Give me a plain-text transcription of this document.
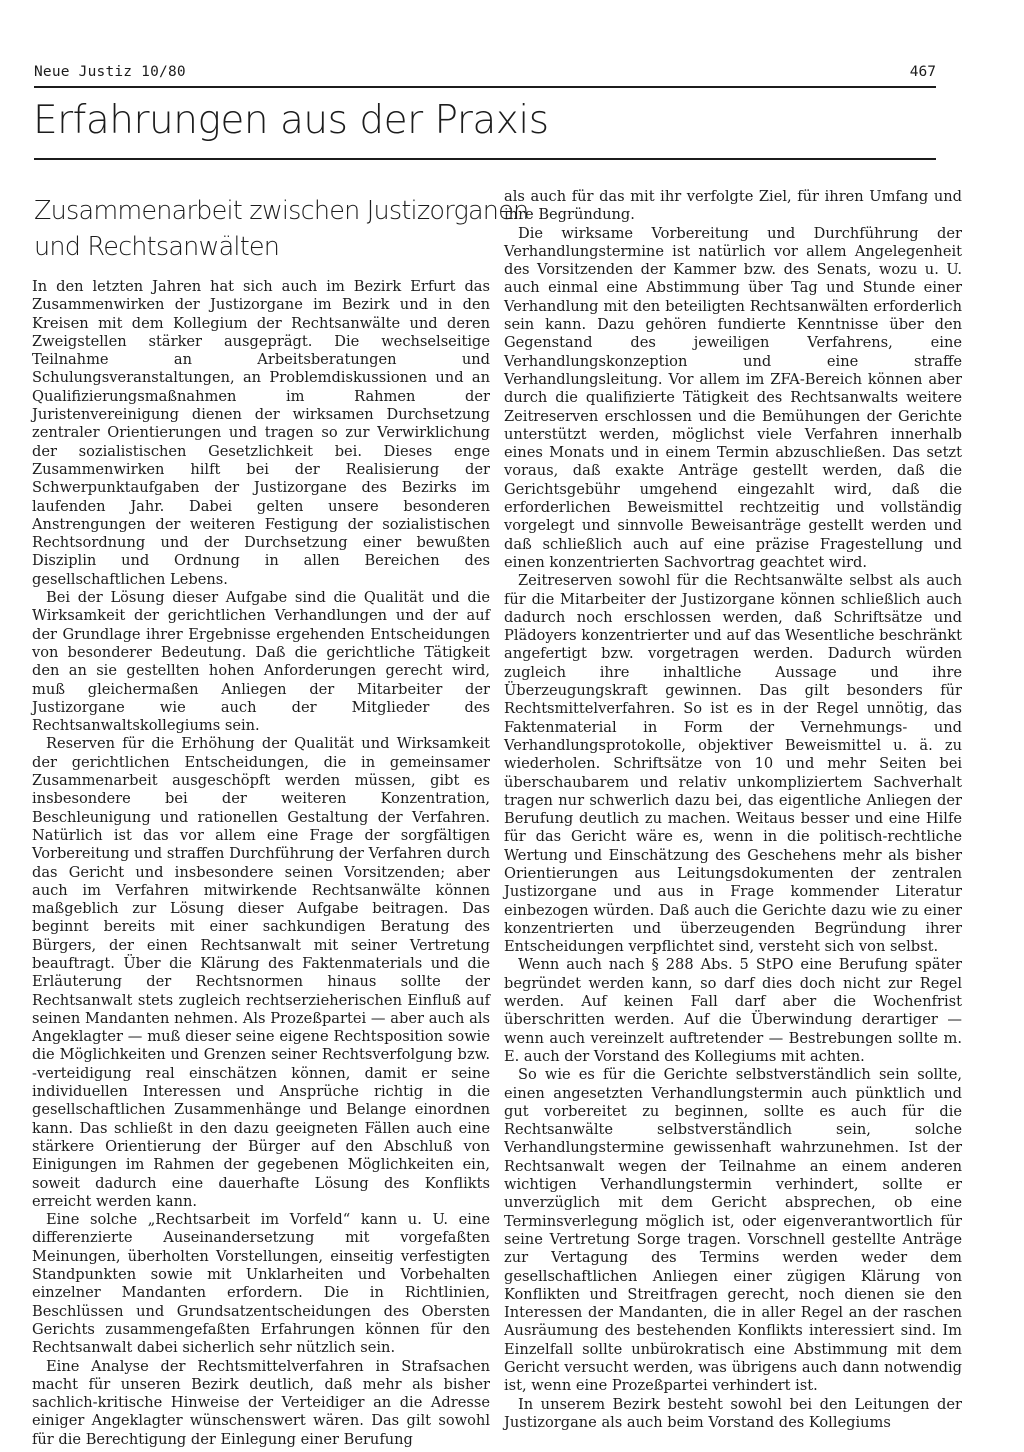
Neue Justiz 10/80	467
Erfahrungen aus der Praxis
Zusammenarbeit zwischen Justizorganen
und Rechtsanwälten

In den letzten Jahren hat sich auch im Bezirk Erfurt das Zusammenwirken der Justizorgane im Bezirk und in den Kreisen mit dem Kollegium der Rechtsanwälte und deren Zweigstellen stärker ausgeprägt. Die wechselseitige Teilnahme an Arbeitsberatungen und Schulungsveranstaltungen, an Problemdiskussionen und an Qualifizierungsmaßnahmen im Rahmen der Juristenvereinigung dienen der wirksamen Durchsetzung zentraler Orientierungen und tragen so zur Verwirklichung der sozialistischen Gesetzlichkeit bei. Dieses enge Zusammenwirken hilft bei der Realisierung der Schwerpunktaufgaben der Justizorgane des Bezirks im laufenden Jahr. Dabei gelten unsere besonderen Anstrengungen der weiteren Festigung der sozialistischen Rechtsordnung und der Durchsetzung einer bewußten Disziplin und Ordnung in allen Bereichen des gesellschaftlichen Lebens.

Bei der Lösung dieser Aufgabe sind die Qualität und die Wirksamkeit der gerichtlichen Verhandlungen und der auf der Grundlage ihrer Ergebnisse ergehenden Entscheidungen von besonderer Bedeutung. Daß die gerichtliche Tätigkeit den an sie gestellten hohen Anforderungen gerecht wird, muß gleichermaßen Anliegen der Mitarbeiter der Justizorgane wie auch der Mitglieder des Rechtsanwaltskollegiums sein.

Reserven für die Erhöhung der Qualität und Wirksamkeit der gerichtlichen Entscheidungen, die in gemeinsamer Zusammenarbeit ausgeschöpft werden müssen, gibt es insbesondere bei der weiteren Konzentration, Beschleunigung und rationellen Gestaltung der Verfahren. Natürlich ist das vor allem eine Frage der sorgfältigen Vorbereitung und straffen Durchführung der Verfahren durch das Gericht und insbesondere seinen Vorsitzenden; aber auch im Verfahren mitwirkende Rechtsanwälte können maßgeblich zur Lösung dieser Aufgabe beitragen. Das beginnt bereits mit einer sachkundigen Beratung des Bürgers, der einen Rechtsanwalt mit seiner Vertretung beauftragt. Über die Klärung des Faktenmaterials und die Erläuterung der Rechtsnormen hinaus sollte der Rechtsanwalt stets zugleich rechtserzieherischen Einfluß auf seinen Mandanten nehmen. Als Prozeßpartei — aber auch als Angeklagter — muß dieser seine eigene Rechtsposition sowie die Möglichkeiten und Grenzen seiner Rechtsverfolgung bzw. -verteidigung real einschätzen können, damit er seine individuellen Interessen und Ansprüche richtig in die gesellschaftlichen Zusammenhänge und Belange einordnen kann. Das schließt in den dazu geeigneten Fällen auch eine stärkere Orientierung der Bürger auf den Abschluß von Einigungen im Rahmen der gegebenen Möglichkeiten ein, soweit dadurch eine dauerhafte Lösung des Konflikts erreicht werden kann.

Eine solche „Rechtsarbeit im Vorfeld“ kann u. U. eine differenzierte Auseinandersetzung mit vorgefaßten Meinungen, überholten Vorstellungen, einseitig verfestigten Standpunkten sowie mit Unklarheiten und Vorbehalten einzelner Mandanten erfordern. Die in Richtlinien, Beschlüssen und Grundsatzentscheidungen des Obersten Gerichts zusammengefaßten Erfahrungen können für den Rechtsanwalt dabei sicherlich sehr nützlich sein.

Eine Analyse der Rechtsmittelverfahren in Strafsachen macht für unseren Bezirk deutlich, daß mehr als bisher sachlich-kritische Hinweise der Verteidiger an die Adresse einiger Angeklagter wünschenswert wären. Das gilt sowohl für die Berechtigung der Einlegung einer Berufung

als auch für das mit ihr verfolgte Ziel, für ihren Umfang und ihre Begründung.

Die wirksame Vorbereitung und Durchführung der Verhandlungstermine ist natürlich vor allem Angelegenheit des Vorsitzenden der Kammer bzw. des Senats, wozu u. U. auch einmal eine Abstimmung über Tag und Stunde einer Verhandlung mit den beteiligten Rechtsanwälten erforderlich sein kann. Dazu gehören fundierte Kenntnisse über den Gegenstand des jeweiligen Verfahrens, eine Verhandlungskonzeption und eine straffe Verhandlungsleitung. Vor allem im ZFA-Bereich können aber durch die qualifizierte Tätigkeit des Rechtsanwalts weitere Zeitreserven erschlossen und die Bemühungen der Gerichte unterstützt werden, möglichst viele Verfahren innerhalb eines Monats und in einem Termin abzuschließen. Das setzt voraus, daß exakte Anträge gestellt werden, daß die Gerichtsgebühr umgehend eingezahlt wird, daß die erforderlichen Beweismittel rechtzeitig und vollständig vorgelegt und sinnvolle Beweisanträge gestellt werden und daß schließlich auch auf eine präzise Fragestellung und einen konzentrierten Sachvortrag geachtet wird.

Zeitreserven sowohl für die Rechtsanwälte selbst als auch für die Mitarbeiter der Justizorgane können schließlich auch dadurch noch erschlossen werden, daß Schriftsätze und Plädoyers konzentrierter und auf das Wesentliche beschränkt angefertigt bzw. vorgetragen werden. Dadurch würden zugleich ihre inhaltliche Aussage und ihre Überzeugungskraft gewinnen. Das gilt besonders für Rechtsmittelverfahren. So ist es in der Regel unnötig, das Faktenmaterial in Form der Vernehmungs- und Verhandlungsprotokolle, objektiver Beweismittel u. ä. zu wiederholen. Schriftsätze von 10 und mehr Seiten bei überschaubarem und relativ unkompliziertem Sachverhalt tragen nur schwerlich dazu bei, das eigentliche Anliegen der Berufung deutlich zu machen. Weitaus besser und eine Hilfe für das Gericht wäre es, wenn in die politisch-rechtliche Wertung und Einschätzung des Geschehens mehr als bisher Orientierungen aus Leitungsdokumenten der zentralen Justizorgane und aus in Frage kommender Literatur einbezogen würden. Daß auch die Gerichte dazu wie zu einer konzentrierten und überzeugenden Begründung ihrer Entscheidungen verpflichtet sind, versteht sich von selbst.

Wenn auch nach § 288 Abs. 5 StPO eine Berufung später begründet werden kann, so darf dies doch nicht zur Regel werden. Auf keinen Fall darf aber die Wochenfrist überschritten werden. Auf die Überwindung derartiger — wenn auch vereinzelt auftretender — Bestrebungen sollte m. E. auch der Vorstand des Kollegiums mit achten.

So wie es für die Gerichte selbstverständlich sein sollte, einen angesetzten Verhandlungstermin auch pünktlich und gut vorbereitet zu beginnen, sollte es auch für die Rechtsanwälte selbstverständlich sein, solche Verhandlungstermine gewissenhaft wahrzunehmen. Ist der Rechtsanwalt wegen der Teilnahme an einem anderen wichtigen Verhandlungstermin verhindert, sollte er unverzüglich mit dem Gericht absprechen, ob eine Terminsverlegung möglich ist, oder eigenverantwortlich für seine Vertretung Sorge tragen. Vorschnell gestellte Anträge zur Vertagung des Termins werden weder dem gesellschaftlichen Anliegen einer zügigen Klärung von Konflikten und Streitfragen gerecht, noch dienen sie den Interessen der Mandanten, die in aller Regel an der raschen Ausräumung des bestehenden Konflikts interessiert sind. Im Einzelfall sollte unbürokratisch eine Abstimmung mit dem Gericht versucht werden, was übrigens auch dann notwendig ist, wenn eine Prozeßpartei verhindert ist.

In unserem Bezirk besteht sowohl bei den Leitungen der Justizorgane als auch beim Vorstand des Kollegiums
